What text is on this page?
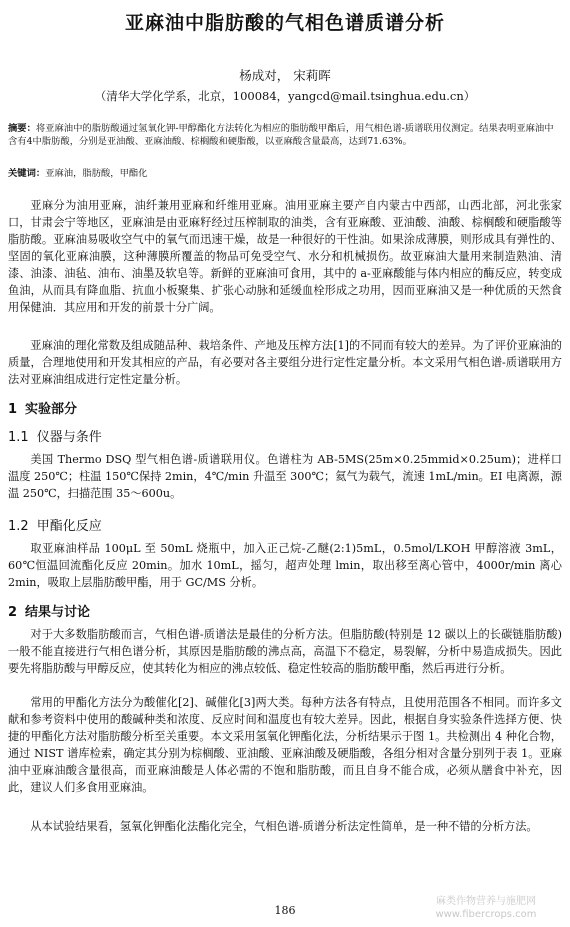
亚麻油中脂肪酸的气相色谱质谱分析
杨成对， 宋莉晖
（清华大学化学系，北京，100084，yangcd@mail.tsinghua.edu.cn）
摘要：将亚麻油中的脂肪酸通过氢氧化钾-甲醇酯化方法转化为相应的脂肪酸甲酯后，用气相色谱-质谱联用仪测定。结果表明亚麻油中含有4中脂肪酸，分别是亚油酸、亚麻油酸、棕榈酸和硬脂酸，以亚麻酸含量最高，达到71.63%。
关键词：亚麻油，脂肪酸，甲酯化

亚麻分为油用亚麻，油纤兼用亚麻和纤维用亚麻。油用亚麻主要产自内蒙古中西部，山西北部，河北张家口，甘肃会宁等地区，亚麻油是由亚麻籽经过压榨制取的油类，含有亚麻酸、亚油酸、油酸、棕榈酸和硬脂酸等脂肪酸。亚麻油易吸收空气中的氧气而迅速干燥，故是一种很好的干性油。如果涂成薄膜，则形成具有弹性的、坚固的氧化亚麻油膜，这种薄膜所覆盖的物品可免受空气、水分和机械损伤。故亚麻油大量用来制造熟油、清漆、油漆、油毡、油布、油墨及软皂等。新鲜的亚麻油可食用，其中的 a-亚麻酸能与体内相应的酶反应，转变成鱼油，从而具有降血脂、抗血小板聚集、扩张心动脉和延缓血栓形成之功用，因而亚麻油又是一种优质的天然食用保健油．其应用和开发的前景十分广阔。

亚麻油的理化常数及组成随品种、栽培条件、产地及压榨方法[1]的不同而有较大的差异。为了评价亚麻油的质量，合理地使用和开发其相应的产品，有必要对各主要组分进行定性定量分析。本文采用气相色谱-质谱联用方法对亚麻油组成进行定性定量分析。

1 实验部分
1.1 仪器与条件

美国 Thermo DSQ 型气相色谱-质谱联用仪。色谱柱为 AB-5MS(25m×0.25mmid×0.25um)；进样口温度 250℃；柱温 150℃保持 2min，4℃/min 升温至 300℃；氦气为载气，流速 1mL/min。EI 电离源，源温 250℃，扫描范围 35～600u。

1.2 甲酯化反应

取亚麻油样品 100μL 至 50mL 烧瓶中，加入正己烷-乙醚(2:1)5mL，0.5mol/LKOH 甲醇溶液 3mL，60℃恒温回流酯化反应 20min。加水 10mL，摇匀，超声处理 lmin，取出移至离心管中，4000r/min 离心 2min，吸取上层脂肪酸甲酯，用于 GC/MS 分析。

2 结果与讨论

对于大多数脂肪酸而言，气相色谱-质谱法是最佳的分析方法。但脂肪酸(特别是 12 碳以上的长碳链脂肪酸)一般不能直接进行气相色谱分析，其原因是脂肪酸的沸点高，高温下不稳定，易裂解，分析中易造成损失。因此要先将脂肪酸与甲醇反应，使其转化为相应的沸点较低、稳定性较高的脂肪酸甲酯，然后再进行分析。

常用的甲酯化方法分为酸催化[2]、碱催化[3]两大类。每种方法各有特点，且使用范围各不相同。而许多文献和参考资料中使用的酸碱种类和浓度、反应时间和温度也有较大差异。因此，根据自身实验条件选择方便、快捷的甲酯化方法对脂肪酸分析至关重要。本文采用氢氧化钾酯化法，分析结果示于图 1。共检测出 4 种化合物，通过 NIST 谱库检索，确定其分别为棕榈酸、亚油酸、亚麻油酸及硬脂酸，各组分相对含量分别列于表 1。亚麻油中亚麻油酸含量很高，而亚麻油酸是人体必需的不饱和脂肪酸，而且自身不能合成，必须从膳食中补充，因此，建议人们多食用亚麻油。

从本试验结果看，氢氧化钾酯化法酯化完全，气相色谱-质谱分析法定性简单，是一种不错的分析方法。

186
麻类作物营养与施肥网
www.fibercrops.com
